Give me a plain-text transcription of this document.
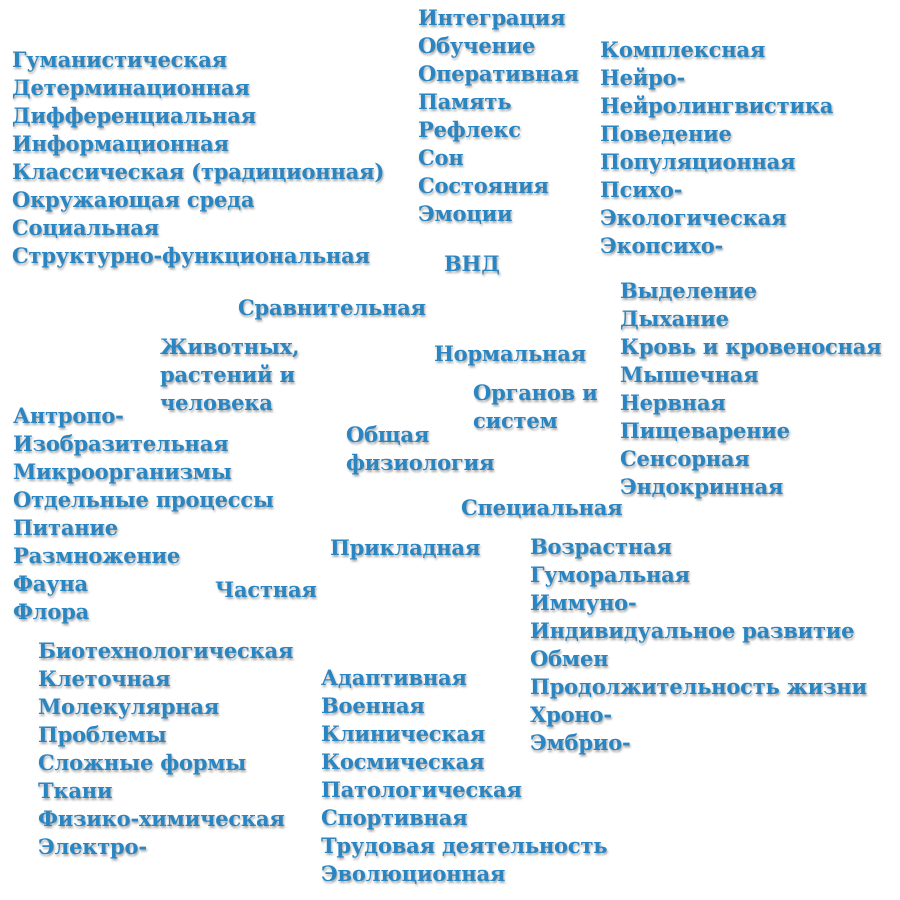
Гуманистическая
Детерминационная
Дифференциальная
Информационная
Классическая (традиционная)
Окружающая среда
Социальная
Структурно-функциональная
Интеграция
Обучение
Оперативная
Память
Рефлекс
Сон
Состояния
Эмоции
Комплексная
Нейро-
Нейролингвистика
Поведение
Популяционная
Психо-
Экологическая
Экопсихо-
ВНД
Сравнительная
Животных,
растений и
человека
Нормальная
Органов и
систем
Выделение
Дыхание
Кровь и кровеносная
Мышечная
Нервная
Пищеварение
Сенсорная
Эндокринная
Общая
физиология
Антропо-
Изобразительная
Микроорганизмы
Отдельные процессы
Питание
Размножение
Фауна
Флора
Специальная
Прикладная
Частная
Возрастная
Гуморальная
Иммуно-
Индивидуальное развитие
Обмен
Продолжительность жизни
Хроно-
Эмбрио-
Биотехнологическая
Клеточная
Молекулярная
Проблемы
Сложные формы
Ткани
Физико-химическая
Электро-
Адаптивная
Военная
Клиническая
Космическая
Патологическая
Спортивная
Трудовая деятельность
Эволюционная
